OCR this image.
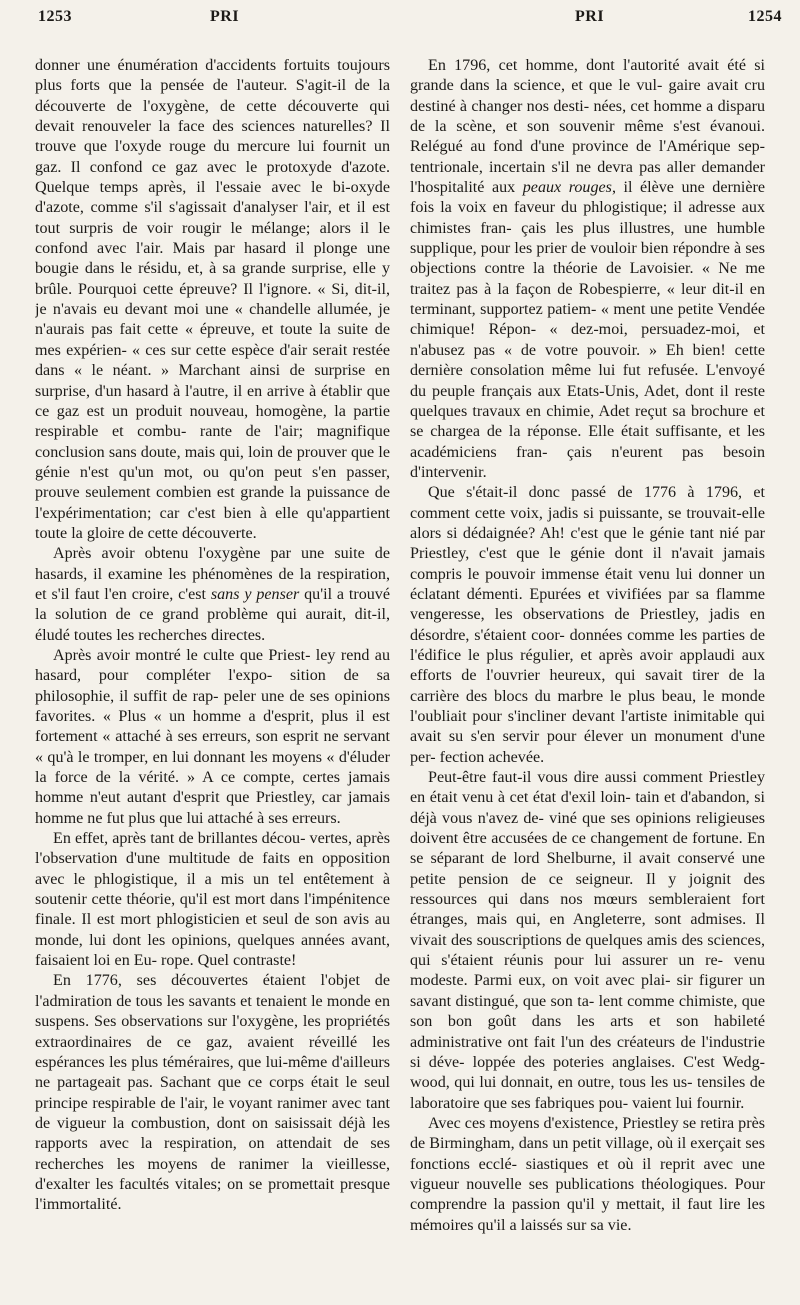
1253	PRI	PRI	1254

donner une énumération d'accidents fortuits toujours plus forts que la pensée de l'auteur. S'agit-il de la découverte de l'oxygène, de cette découverte qui devait renouveler la face des sciences naturelles? Il trouve que l'oxyde rouge du mercure lui fournit un gaz. Il confond ce gaz avec le protoxyde d'azote. Quelque temps après, il l'essaie avec le bi-oxyde d'azote, comme s'il s'agissait d'analyser l'air, et il est tout surpris de voir rougir le mélange; alors il le confond avec l'air. Mais par hasard il plonge une bougie dans le résidu, et, à sa grande surprise, elle y brûle. Pourquoi cette épreuve? Il l'ignore. « Si, dit-il, je n'avais eu devant moi une « chandelle allumée, je n'aurais pas fait cette « épreuve, et toute la suite de mes expérien- « ces sur cette espèce d'air serait restée dans « le néant. » Marchant ainsi de surprise en surprise, d'un hasard à l'autre, il en arrive à établir que ce gaz est un produit nouveau, homogène, la partie respirable et combu- rante de l'air; magnifique conclusion sans doute, mais qui, loin de prouver que le génie n'est qu'un mot, ou qu'on peut s'en passer, prouve seulement combien est grande la puissance de l'expérimentation; car c'est bien à elle qu'appartient toute la gloire de cette découverte.

Après avoir obtenu l'oxygène par une suite de hasards, il examine les phénomènes de la respiration, et s'il faut l'en croire, c'est sans y penser qu'il a trouvé la solution de ce grand problème qui aurait, dit-il, éludé toutes les recherches directes.

Après avoir montré le culte que Priest- ley rend au hasard, pour compléter l'expo- sition de sa philosophie, il suffit de rap- peler une de ses opinions favorites. « Plus « un homme a d'esprit, plus il est fortement « attaché à ses erreurs, son esprit ne servant « qu'à le tromper, en lui donnant les moyens « d'éluder la force de la vérité. » A ce compte, certes jamais homme n'eut autant d'esprit que Priestley, car jamais homme ne fut plus que lui attaché à ses erreurs.

En effet, après tant de brillantes décou- vertes, après l'observation d'une multitude de faits en opposition avec le phlogistique, il a mis un tel entêtement à soutenir cette théorie, qu'il est mort dans l'impénitence finale. Il est mort phlogisticien et seul de son avis au monde, lui dont les opinions, quelques années avant, faisaient loi en Eu- rope. Quel contraste!

En 1776, ses découvertes étaient l'objet de l'admiration de tous les savants et tenaient le monde en suspens. Ses observations sur l'oxygène, les propriétés extraordinaires de ce gaz, avaient réveillé les espérances les plus téméraires, que lui-même d'ailleurs ne partageait pas. Sachant que ce corps était le seul principe respirable de l'air, le voyant ranimer avec tant de vigueur la combustion, dont on saisissait déjà les rapports avec la respiration, on attendait de ses recherches les moyens de ranimer la vieillesse, d'exalter les facultés vitales; on se promettait presque l'immortalité.

En 1796, cet homme, dont l'autorité avait été si grande dans la science, et que le vul- gaire avait cru destiné à changer nos desti- nées, cet homme a disparu de la scène, et son souvenir même s'est évanoui. Relégué au fond d'une province de l'Amérique sep- tentrionale, incertain s'il ne devra pas aller demander l'hospitalité aux peaux rouges, il élève une dernière fois la voix en faveur du phlogistique; il adresse aux chimistes fran- çais les plus illustres, une humble supplique, pour les prier de vouloir bien répondre à ses objections contre la théorie de Lavoisier. « Ne me traitez pas à la façon de Robespierre, « leur dit-il en terminant, supportez patiem- « ment une petite Vendée chimique! Répon- « dez-moi, persuadez-moi, et n'abusez pas « de votre pouvoir. » Eh bien! cette dernière consolation même lui fut refusée. L'envoyé du peuple français aux Etats-Unis, Adet, dont il reste quelques travaux en chimie, Adet reçut sa brochure et se chargea de la réponse. Elle était suffisante, et les académiciens fran- çais n'eurent pas besoin d'intervenir.

Que s'était-il donc passé de 1776 à 1796, et comment cette voix, jadis si puissante, se trouvait-elle alors si dédaignée? Ah! c'est que le génie tant nié par Priestley, c'est que le génie dont il n'avait jamais compris le pouvoir immense était venu lui donner un éclatant démenti. Epurées et vivifiées par sa flamme vengeresse, les observations de Priestley, jadis en désordre, s'étaient coor- données comme les parties de l'édifice le plus régulier, et après avoir applaudi aux efforts de l'ouvrier heureux, qui savait tirer de la carrière des blocs du marbre le plus beau, le monde l'oubliait pour s'incliner devant l'artiste inimitable qui avait su s'en servir pour élever un monument d'une per- fection achevée.

Peut-être faut-il vous dire aussi comment Priestley en était venu à cet état d'exil loin- tain et d'abandon, si déjà vous n'avez de- viné que ses opinions religieuses doivent être accusées de ce changement de fortune. En se séparant de lord Shelburne, il avait conservé une petite pension de ce seigneur. Il y joignit des ressources qui dans nos mœurs sembleraient fort étranges, mais qui, en Angleterre, sont admises. Il vivait des souscriptions de quelques amis des sciences, qui s'étaient réunis pour lui assurer un re- venu modeste. Parmi eux, on voit avec plai- sir figurer un savant distingué, que son ta- lent comme chimiste, que son bon goût dans les arts et son habileté administrative ont fait l'un des créateurs de l'industrie si déve- loppée des poteries anglaises. C'est Wedg- wood, qui lui donnait, en outre, tous les us- tensiles de laboratoire que ses fabriques pou- vaient lui fournir.

Avec ces moyens d'existence, Priestley se retira près de Birmingham, dans un petit village, où il exerçait ses fonctions ecclé- siastiques et où il reprit avec une vigueur nouvelle ses publications théologiques. Pour comprendre la passion qu'il y mettait, il faut lire les mémoires qu'il a laissés sur sa vie.
